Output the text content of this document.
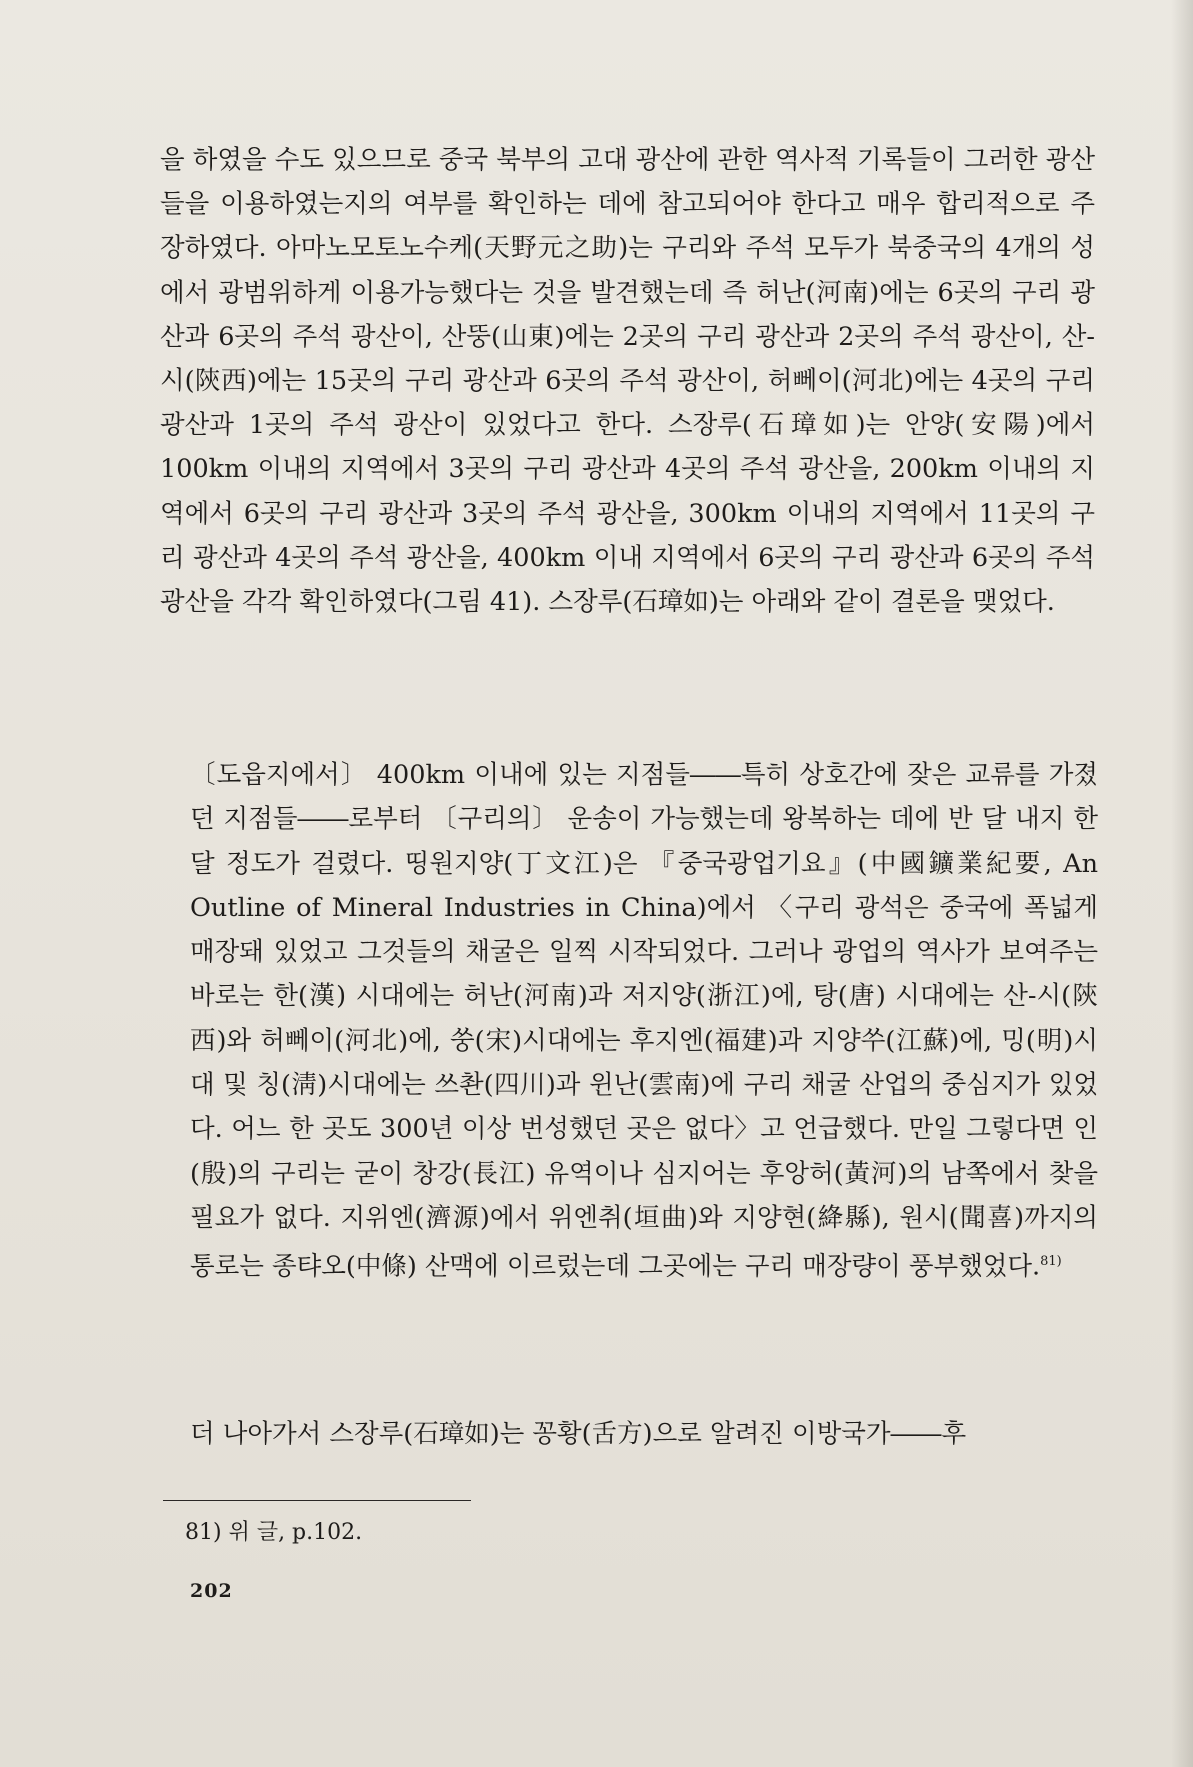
을 하였을 수도 있으므로 중국 북부의 고대 광산에 관한 역사적 기록들이 그러한 광산들을 이용하였는지의 여부를 확인하는 데에 참고되어야 한다고 매우 합리적으로 주장하였다. 아마노모토노수케(天野元之助)는 구리와 주석 모두가 북중국의 4개의 성에서 광범위하게 이용가능했다는 것을 발견했는데 즉 허난(河南)에는 6곳의 구리 광산과 6곳의 주석 광산이, 산뚱(山東)에는 2곳의 구리 광산과 2곳의 주석 광산이, 산-시(陝西)에는 15곳의 구리 광산과 6곳의 주석 광산이, 허뻬이(河北)에는 4곳의 구리 광산과 1곳의 주석 광산이 있었다고 한다. 스장루(石璋如)는 안양(安陽)에서 100km 이내의 지역에서 3곳의 구리 광산과 4곳의 주석 광산을, 200km 이내의 지역에서 6곳의 구리 광산과 3곳의 주석 광산을, 300km 이내의 지역에서 11곳의 구리 광산과 4곳의 주석 광산을, 400km 이내 지역에서 6곳의 구리 광산과 6곳의 주석 광산을 각각 확인하였다(그림 41). 스장루(石璋如)는 아래와 같이 결론을 맺었다.

〔도읍지에서〕 400km 이내에 있는 지점들――특히 상호간에 잦은 교류를 가졌던 지점들――로부터 〔구리의〕 운송이 가능했는데 왕복하는 데에 반 달 내지 한 달 정도가 걸렸다. 띵원지양(丁文江)은 『중국광업기요』(中國鑛業紀要, An Outline of Mineral Industries in China)에서 〈구리 광석은 중국에 폭넓게 매장돼 있었고 그것들의 채굴은 일찍 시작되었다. 그러나 광업의 역사가 보여주는 바로는 한(漢) 시대에는 허난(河南)과 저지양(浙江)에, 탕(唐) 시대에는 산-시(陝西)와 허뻬이(河北)에, 쑹(宋)시대에는 후지엔(福建)과 지양쑤(江蘇)에, 밍(明)시대 및 칭(淸)시대에는 쓰촨(四川)과 윈난(雲南)에 구리 채굴 산업의 중심지가 있었다. 어느 한 곳도 300년 이상 번성했던 곳은 없다〉고 언급했다. 만일 그렇다면 인(殷)의 구리는 굳이 창강(長江) 유역이나 심지어는 후앙허(黃河)의 남쪽에서 찾을 필요가 없다. 지위엔(濟源)에서 위엔취(垣曲)와 지양현(絳縣), 원시(聞喜)까지의 통로는 종탸오(中條) 산맥에 이르렀는데 그곳에는 구리 매장량이 풍부했었다.$^{81)}$

더 나아가서 스장루(石璋如)는 꽁황(舌方)으로 알려진 이방국가――후

81) 위 글, p.102.
202
